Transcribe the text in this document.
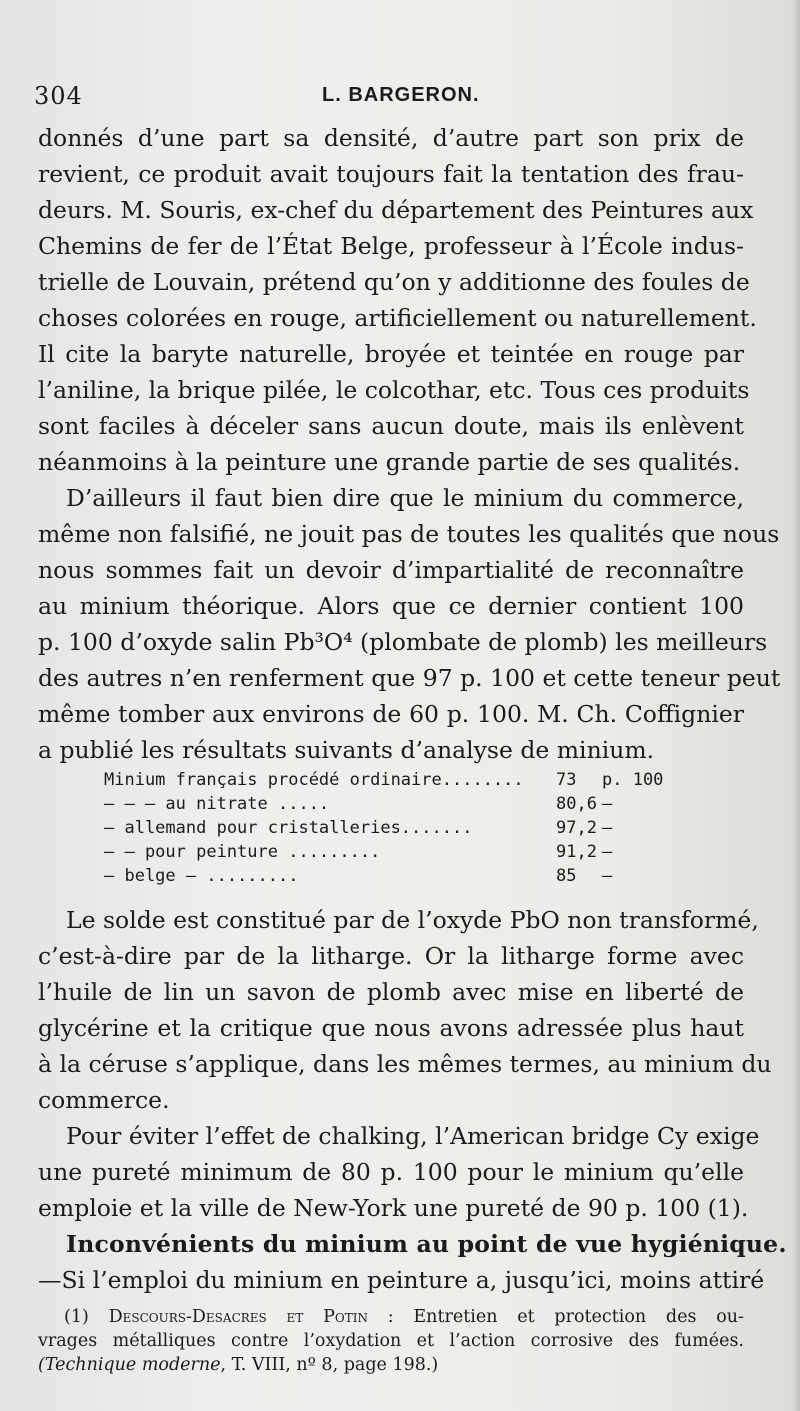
304	L. BARGERON.
donnés d’une part sa densité, d’autre part son prix de
revient, ce produit avait toujours fait la tentation des frau-
deurs. M. Souris, ex-chef du département des Peintures aux
Chemins de fer de l’État Belge, professeur à l’École indus-
trielle de Louvain, prétend qu’on y additionne des foules de
choses colorées en rouge, artificiellement ou naturellement.
Il cite la baryte naturelle, broyée et teintée en rouge par
l’aniline, la brique pilée, le colcothar, etc. Tous ces produits
sont faciles à déceler sans aucun doute, mais ils enlèvent
néanmoins à la peinture une grande partie de ses qualités.
D’ailleurs il faut bien dire que le minium du commerce,
même non falsifié, ne jouit pas de toutes les qualités que nous
nous sommes fait un devoir d’impartialité de reconnaître
au minium théorique. Alors que ce dernier contient 100
p. 100 d’oxyde salin Pb³O⁴ (plombate de plomb) les meilleurs
des autres n’en renferment que 97 p. 100 et cette teneur peut
même tomber aux environs de 60 p. 100. M. Ch. Coffignier
a publié les résultats suivants d’analyse de minium.
Minium français procédé ordinaire........ 73 p. 100
— — — au nitrate .....	80,6 —
— allemand pour cristalleries.......	97,2 —
— — pour peinture .........	91,2 —
— belge — .........	85 —
Le solde est constitué par de l’oxyde PbO non transformé,
c’est-à-dire par de la litharge. Or la litharge forme avec
l’huile de lin un savon de plomb avec mise en liberté de
glycérine et la critique que nous avons adressée plus haut
à la céruse s’applique, dans les mêmes termes, au minium du
commerce.
Pour éviter l’effet de chalking, l’American bridge Cy exige
une pureté minimum de 80 p. 100 pour le minium qu’elle
emploie et la ville de New-York une pureté de 90 p. 100 (1).
Inconvénients du minium au point de vue hygiénique.
—Si l’emploi du minium en peinture a, jusqu’ici, moins attiré
(1) Descours-Desacres et Potin : Entretien et protection des ou-
vrages métalliques contre l’oxydation et l’action corrosive des fumées.
(Technique moderne, T. VIII, nº 8, page 198.)
